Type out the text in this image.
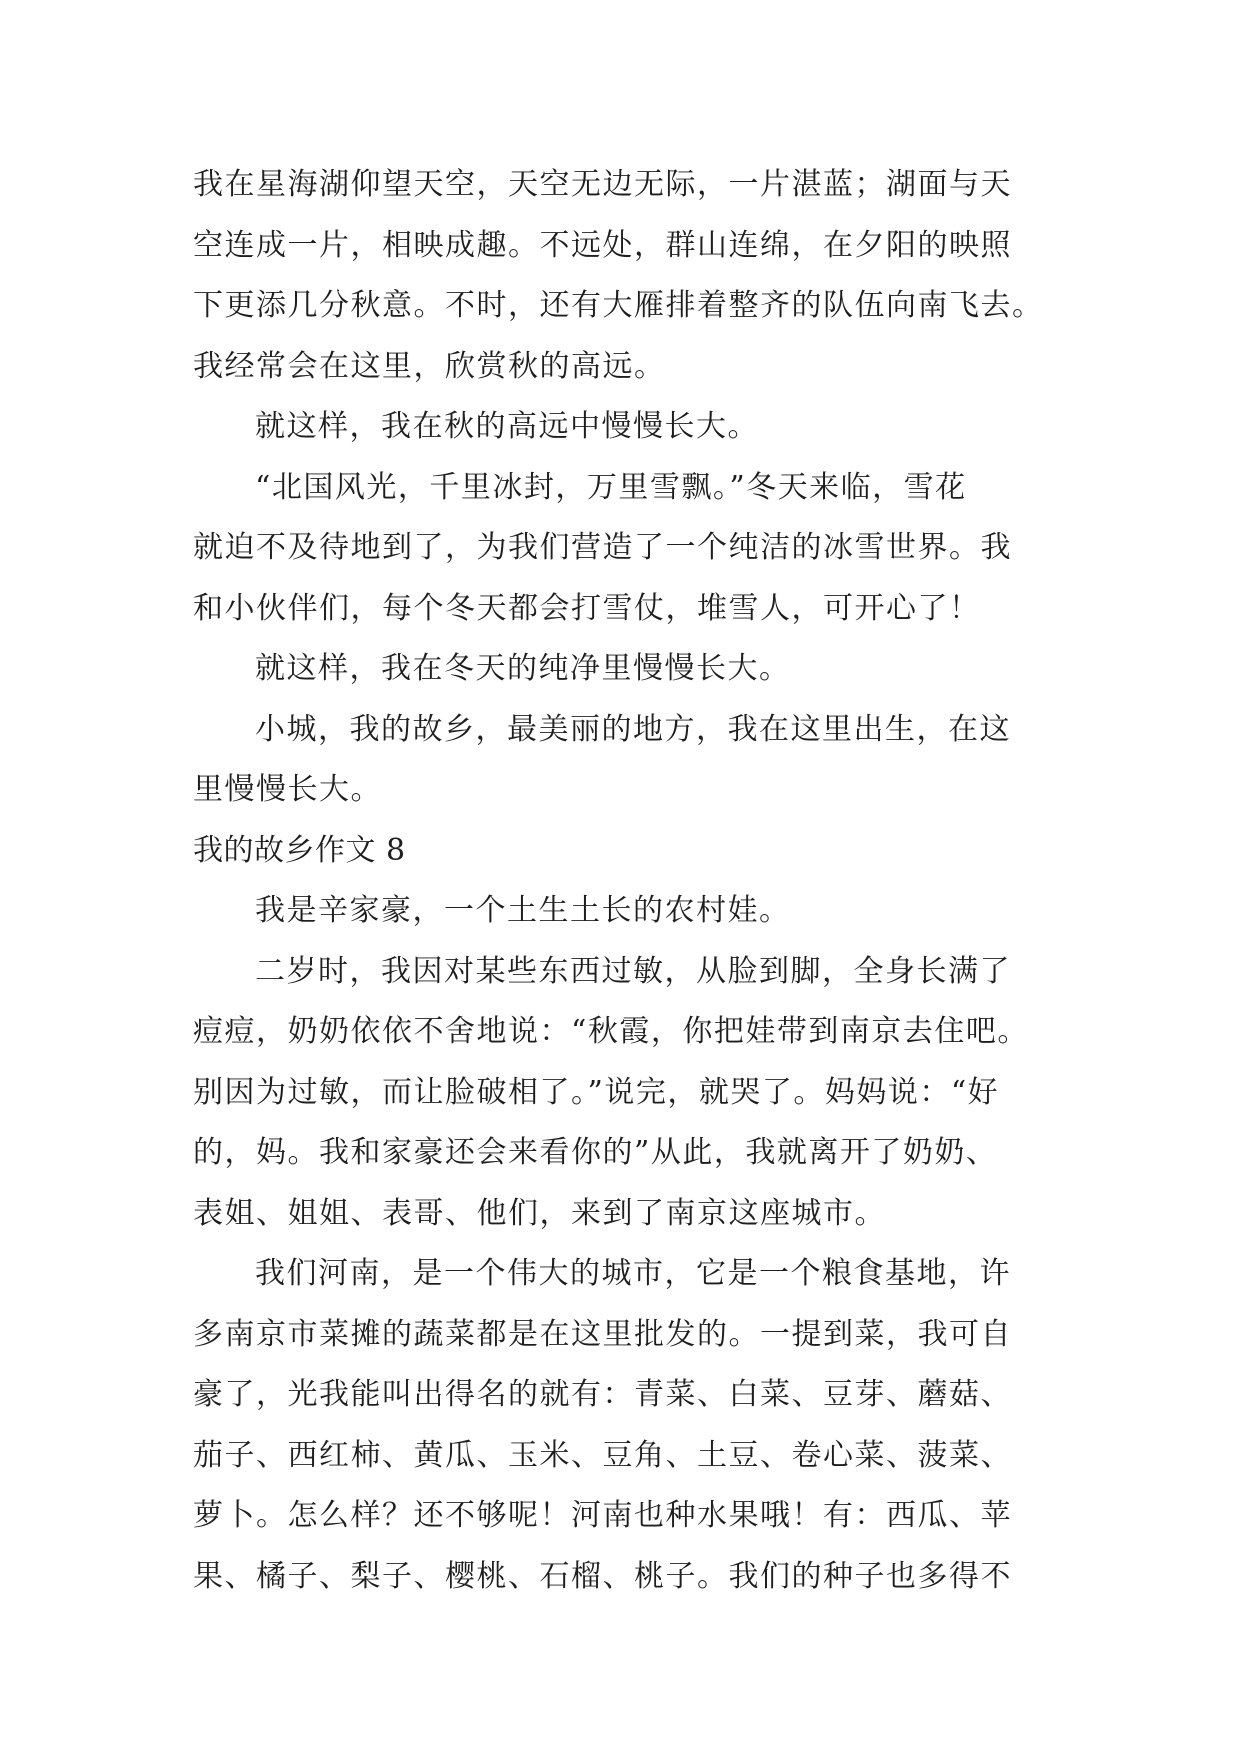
我在星海湖仰望天空，天空无边无际，一片湛蓝；湖面与天
空连成一片，相映成趣。不远处，群山连绵，在夕阳的映照
下更添几分秋意。不时，还有大雁排着整齐的队伍向南飞去。
我经常会在这里，欣赏秋的高远。
就这样，我在秋的高远中慢慢长大。
“北国风光，千里冰封，万里雪飘。”冬天来临，雪花
就迫不及待地到了，为我们营造了一个纯洁的冰雪世界。我
和小伙伴们，每个冬天都会打雪仗，堆雪人，可开心了！
就这样，我在冬天的纯净里慢慢长大。
小城，我的故乡，最美丽的地方，我在这里出生，在这
里慢慢长大。
我的故乡作文 8
我是辛家豪，一个土生土长的农村娃。
二岁时，我因对某些东西过敏，从脸到脚，全身长满了
痘痘，奶奶依依不舍地说：“秋霞，你把娃带到南京去住吧。
别因为过敏，而让脸破相了。”说完，就哭了。妈妈说：“好
的，妈。我和家豪还会来看你的”从此，我就离开了奶奶、
表姐、姐姐、表哥、他们，来到了南京这座城市。
我们河南，是一个伟大的城市，它是一个粮食基地，许
多南京市菜摊的蔬菜都是在这里批发的。一提到菜，我可自
豪了，光我能叫出得名的就有：青菜、白菜、豆芽、蘑菇、
茄子、西红柿、黄瓜、玉米、豆角、土豆、卷心菜、菠菜、
萝卜。怎么样？还不够呢！河南也种水果哦！有：西瓜、苹
果、橘子、梨子、樱桃、石榴、桃子。我们的种子也多得不
